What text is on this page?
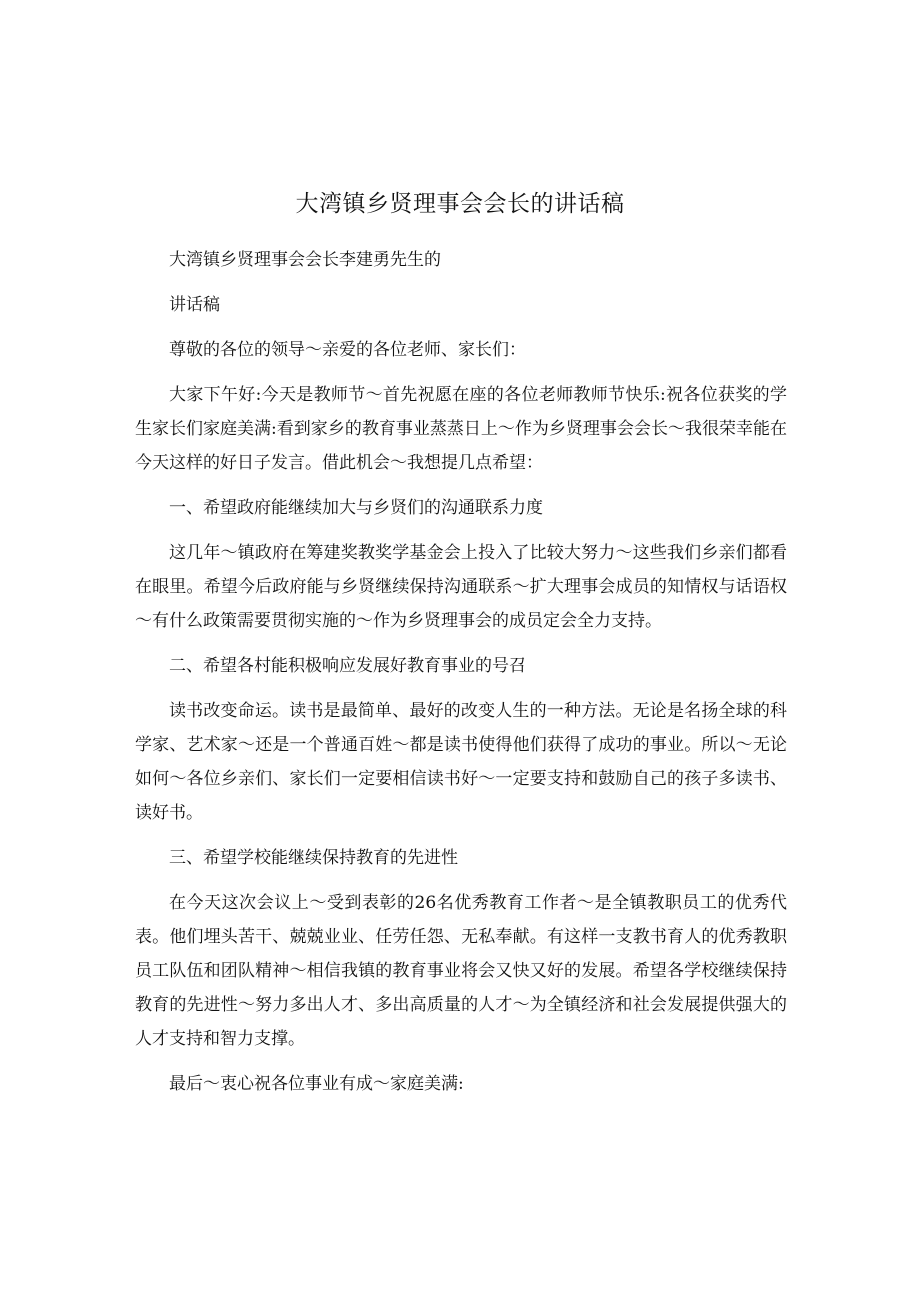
大湾镇乡贤理事会会长的讲话稿

大湾镇乡贤理事会会长李建勇先生的

讲话稿

尊敬的各位的领导～亲爱的各位老师、家长们：

大家下午好:今天是教师节～首先祝愿在座的各位老师教师节快乐:祝各位获奖的学生家长们家庭美满:看到家乡的教育事业蒸蒸日上～作为乡贤理事会会长～我很荣幸能在今天这样的好日子发言。借此机会～我想提几点希望：

一、希望政府能继续加大与乡贤们的沟通联系力度

这几年～镇政府在筹建奖教奖学基金会上投入了比较大努力～这些我们乡亲们都看在眼里。希望今后政府能与乡贤继续保持沟通联系～扩大理事会成员的知情权与话语权～有什么政策需要贯彻实施的～作为乡贤理事会的成员定会全力支持。

二、希望各村能积极响应发展好教育事业的号召

读书改变命运。读书是最简单、最好的改变人生的一种方法。无论是名扬全球的科学家、艺术家～还是一个普通百姓～都是读书使得他们获得了成功的事业。所以～无论如何～各位乡亲们、家长们一定要相信读书好～一定要支持和鼓励自己的孩子多读书、读好书。

三、希望学校能继续保持教育的先进性

在今天这次会议上～受到表彰的26名优秀教育工作者～是全镇教职员工的优秀代表。他们埋头苦干、兢兢业业、任劳任怨、无私奉献。有这样一支教书育人的优秀教职员工队伍和团队精神～相信我镇的教育事业将会又快又好的发展。希望各学校继续保持教育的先进性～努力多出人才、多出高质量的人才～为全镇经济和社会发展提供强大的人才支持和智力支撑。

最后～衷心祝各位事业有成～家庭美满:
